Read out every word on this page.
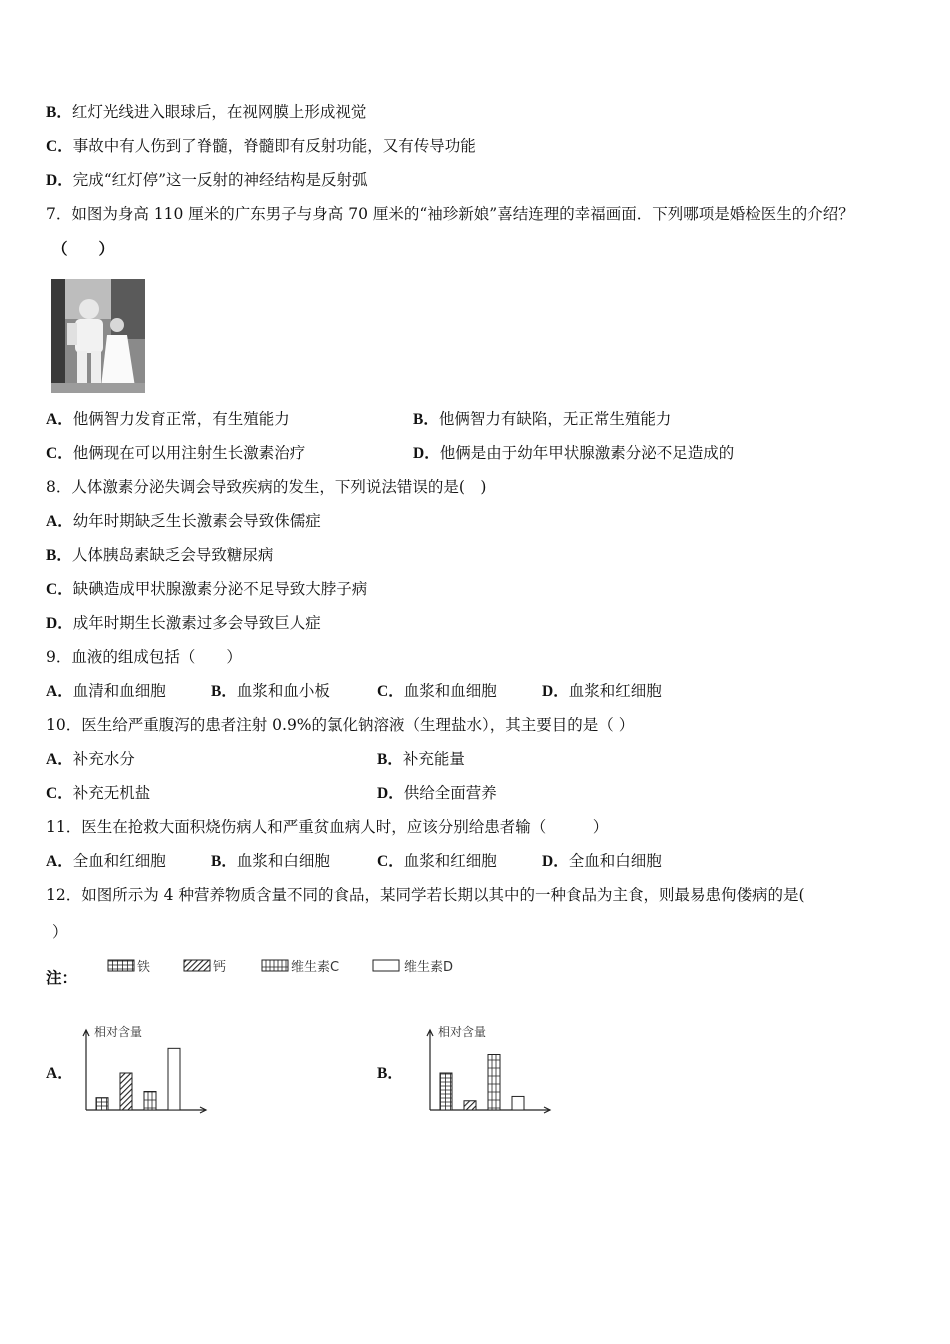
B．红灯光线进入眼球后，在视网膜上形成视觉
C．事故中有人伤到了脊髓，脊髓即有反射功能，又有传导功能
D．完成“红灯停”这一反射的神经结构是反射弧
7．如图为身高 110 厘米的广东男子与身高 70 厘米的“袖珍新娘”喜结连理的幸福画面．下列哪项是婚检医生的介绍？
（　　）
A．他俩智力发育正常，有生殖能力	B．他俩智力有缺陷，无正常生殖能力
C．他俩现在可以用注射生长激素治疗	D．他俩是由于幼年甲状腺激素分泌不足造成的
8．人体激素分泌失调会导致疾病的发生，下列说法错误的是(　)
A．幼年时期缺乏生长激素会导致侏儒症
B．人体胰岛素缺乏会导致糖尿病
C．缺碘造成甲状腺激素分泌不足导致大脖子病
D．成年时期生长激素过多会导致巨人症
9．血液的组成包括（　　）
A．血清和血细胞	B．血浆和血小板	C．血浆和血细胞	D．血浆和红细胞
10．医生给严重腹泻的患者注射 0.9%的氯化钠溶液（生理盐水），其主要目的是（ ）
A．补充水分	B．补充能量
C．补充无机盐	D．供给全面营养
11．医生在抢救大面积烧伤病人和严重贫血病人时，应该分别给患者输（　　　）
A．全血和红细胞	B．血浆和白细胞	C．血浆和红细胞	D．全血和白细胞
12．如图所示为 4 种营养物质含量不同的食品，某同学若长期以其中的一种食品为主食，则最易患佝偻病的是(
）
注：
铁	钙	维生素C	维生素D
A．	B．
相对含量	相对含量
